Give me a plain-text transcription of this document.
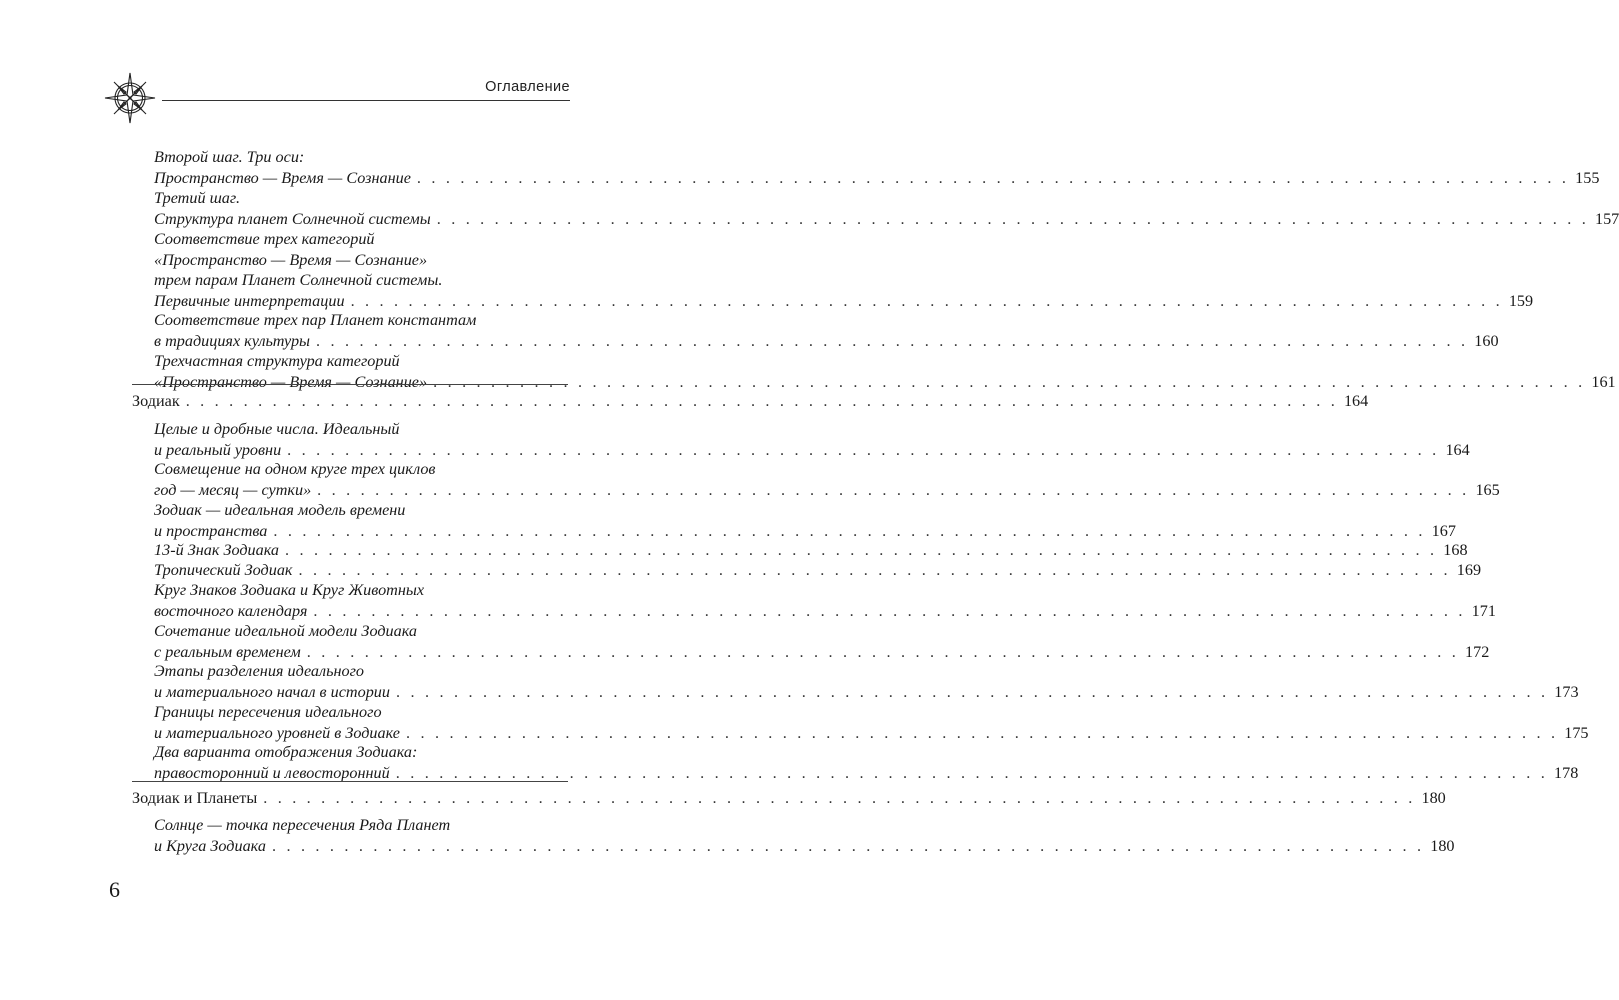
Оглавление
Второй шаг. Три оси:
Пространство — Время — Сознание . . . . . . . . . . . . . . . . . . . . . . . . . . . . . . . . . . . . . . . . . . . . . . . . . . . . . . . . . . . . . . . . . . . . . . . . . . . . . . . . 155
Третий шаг.
Структура планет Солнечной системы . . . . . . . . . . . . . . . . . . . . . . . . . . . . . . . . . . . . . . . . . . . . . . . . . . . . . . . . . . . . . . . . . . . . . . . . . . . . . . . . 157
Соответствие трех категорий
«Пространство — Время — Сознание»
трем парам Планет Солнечной системы.
Первичные интерпретации . . . . . . . . . . . . . . . . . . . . . . . . . . . . . . . . . . . . . . . . . . . . . . . . . . . . . . . . . . . . . . . . . . . . . . . . . . . . . . . . 159
Соответствие трех пар Планет константам
в традициях культуры . . . . . . . . . . . . . . . . . . . . . . . . . . . . . . . . . . . . . . . . . . . . . . . . . . . . . . . . . . . . . . . . . . . . . . . . . . . . . . . . 160
Трехчастная структура категорий
«Пространство — Время — Сознание» . . . . . . . . . . . . . . . . . . . . . . . . . . . . . . . . . . . . . . . . . . . . . . . . . . . . . . . . . . . . . . . . . . . . . . . . . . . . . . . . 161
Зодиак . . . . . . . . . . . . . . . . . . . . . . . . . . . . . . . . . . . . . . . . . . . . . . . . . . . . . . . . . . . . . . . . . . . . . . . . . . . . . . . . 164
Целые и дробные числа. Идеальный
и реальный уровни . . . . . . . . . . . . . . . . . . . . . . . . . . . . . . . . . . . . . . . . . . . . . . . . . . . . . . . . . . . . . . . . . . . . . . . . . . . . . . . . 164
Совмещение на одном круге трех циклов
год — месяц — сутки» . . . . . . . . . . . . . . . . . . . . . . . . . . . . . . . . . . . . . . . . . . . . . . . . . . . . . . . . . . . . . . . . . . . . . . . . . . . . . . . . 165
Зодиак — идеальная модель времени
и пространства . . . . . . . . . . . . . . . . . . . . . . . . . . . . . . . . . . . . . . . . . . . . . . . . . . . . . . . . . . . . . . . . . . . . . . . . . . . . . . . . 167
13-й Знак Зодиака . . . . . . . . . . . . . . . . . . . . . . . . . . . . . . . . . . . . . . . . . . . . . . . . . . . . . . . . . . . . . . . . . . . . . . . . . . . . . . . . 168
Тропический Зодиак . . . . . . . . . . . . . . . . . . . . . . . . . . . . . . . . . . . . . . . . . . . . . . . . . . . . . . . . . . . . . . . . . . . . . . . . . . . . . . . . 169
Круг Знаков Зодиака и Круг Животных
восточного календаря . . . . . . . . . . . . . . . . . . . . . . . . . . . . . . . . . . . . . . . . . . . . . . . . . . . . . . . . . . . . . . . . . . . . . . . . . . . . . . . . 171
Сочетание идеальной модели Зодиака
с реальным временем . . . . . . . . . . . . . . . . . . . . . . . . . . . . . . . . . . . . . . . . . . . . . . . . . . . . . . . . . . . . . . . . . . . . . . . . . . . . . . . . 172
Этапы разделения идеального
и материального начал в истории . . . . . . . . . . . . . . . . . . . . . . . . . . . . . . . . . . . . . . . . . . . . . . . . . . . . . . . . . . . . . . . . . . . . . . . . . . . . . . . . 173
Границы пересечения идеального
и материального уровней в Зодиаке . . . . . . . . . . . . . . . . . . . . . . . . . . . . . . . . . . . . . . . . . . . . . . . . . . . . . . . . . . . . . . . . . . . . . . . . . . . . . . . . 175
Два варианта отображения Зодиака:
правосторонний и левосторонний . . . . . . . . . . . . . . . . . . . . . . . . . . . . . . . . . . . . . . . . . . . . . . . . . . . . . . . . . . . . . . . . . . . . . . . . . . . . . . . . 178
Зодиак и Планеты . . . . . . . . . . . . . . . . . . . . . . . . . . . . . . . . . . . . . . . . . . . . . . . . . . . . . . . . . . . . . . . . . . . . . . . . . . . . . . . . 180
Солнце — точка пересечения Ряда Планет
и Круга Зодиака . . . . . . . . . . . . . . . . . . . . . . . . . . . . . . . . . . . . . . . . . . . . . . . . . . . . . . . . . . . . . . . . . . . . . . . . . . . . . . . . 180
6
